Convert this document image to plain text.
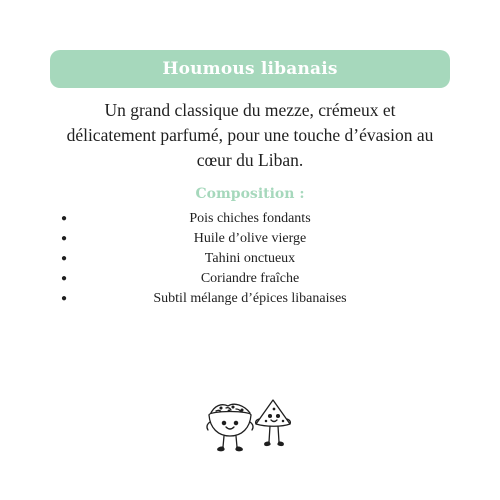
Houmous libanais
Un grand classique du mezze, crémeux et délicatement parfumé, pour une touche d’évasion au cœur du Liban.
Composition :
●	Pois chiches fondants
●	Huile d’olive vierge
●	Tahini onctueux
●	Coriandre fraîche
●	Subtil mélange d’épices libanaises
